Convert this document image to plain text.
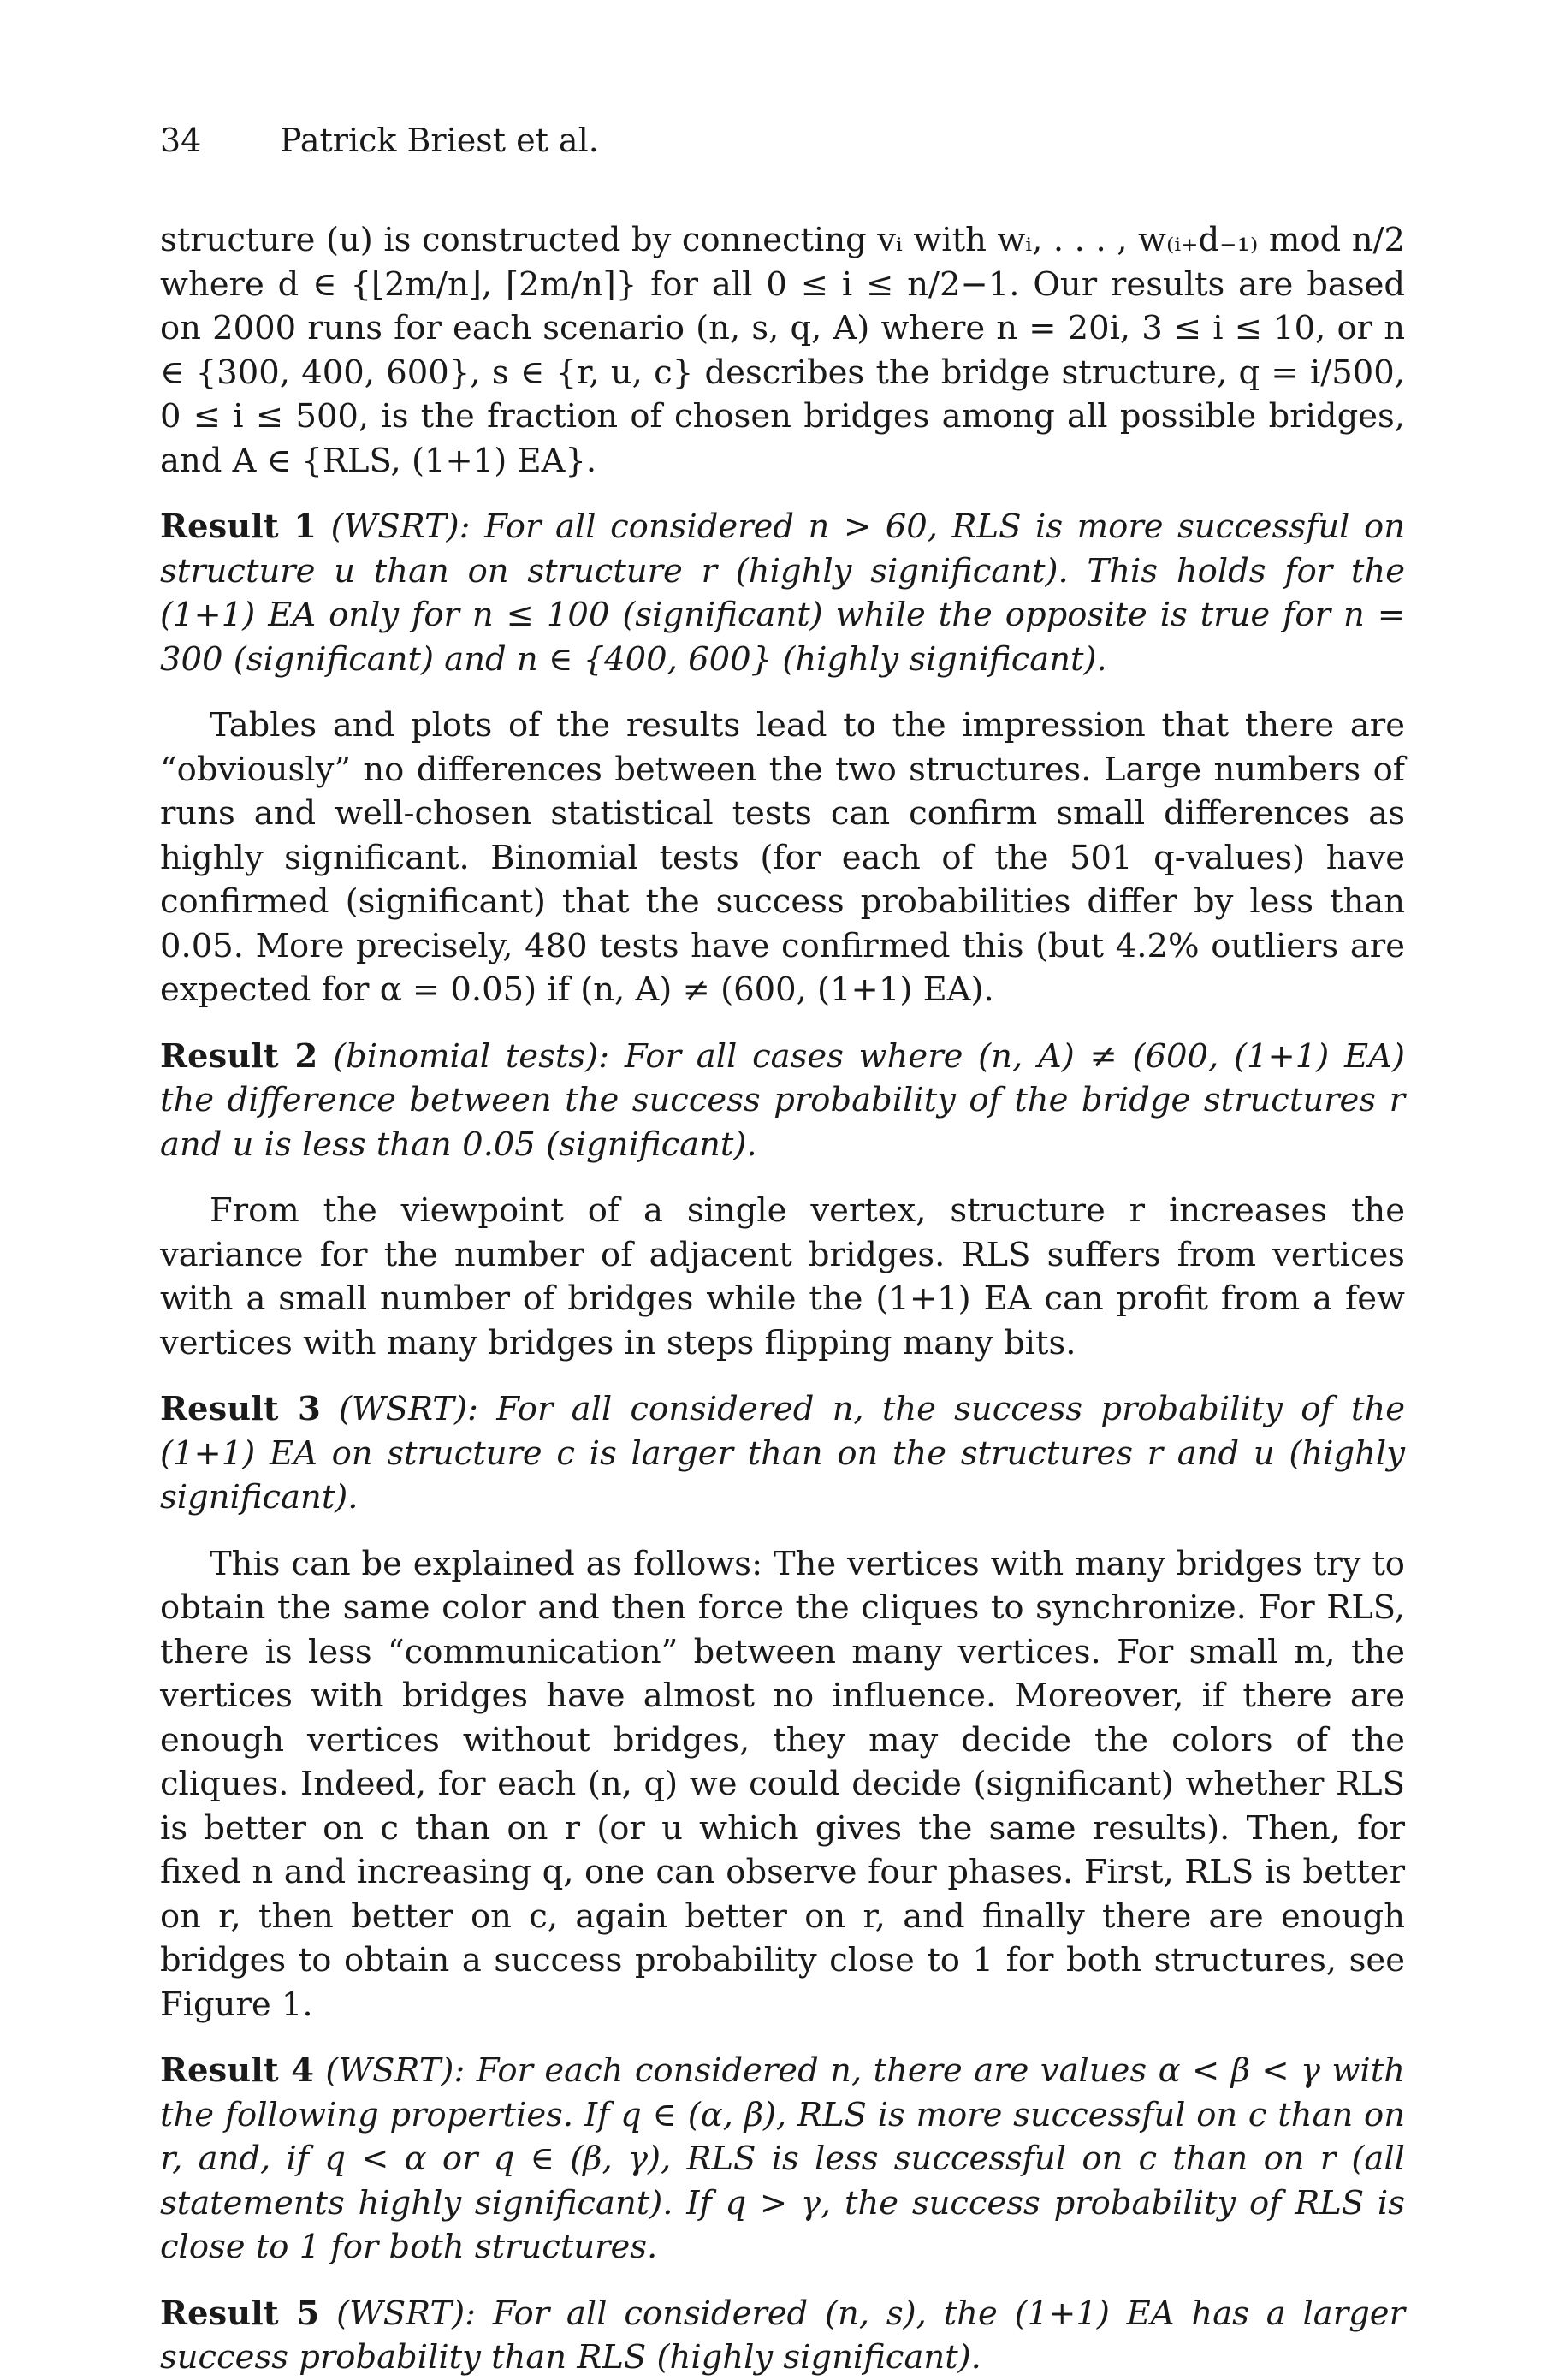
34 Patrick Briest et al.

structure (u) is constructed by connecting vᵢ with wᵢ, . . . , w₍ᵢ₊d₋₁₎ mod n/2 where d ∈ {⌊2m/n⌋, ⌈2m/n⌉} for all 0 ≤ i ≤ n/2−1. Our results are based on 2000 runs for each scenario (n, s, q, A) where n = 20i, 3 ≤ i ≤ 10, or n ∈ {300, 400, 600}, s ∈ {r, u, c} describes the bridge structure, q = i/500, 0 ≤ i ≤ 500, is the fraction of chosen bridges among all possible bridges, and A ∈ {RLS, (1+1) EA}.

Result 1 (WSRT): For all considered n > 60, RLS is more successful on structure u than on structure r (highly significant). This holds for the (1+1) EA only for n ≤ 100 (significant) while the opposite is true for n = 300 (significant) and n ∈ {400, 600} (highly significant).

Tables and plots of the results lead to the impression that there are “obviously” no differences between the two structures. Large numbers of runs and well-chosen statistical tests can confirm small differences as highly significant. Binomial tests (for each of the 501 q-values) have confirmed (significant) that the success probabilities differ by less than 0.05. More precisely, 480 tests have confirmed this (but 4.2% outliers are expected for α = 0.05) if (n, A) ≠ (600, (1+1) EA).

Result 2 (binomial tests): For all cases where (n, A) ≠ (600, (1+1) EA) the difference between the success probability of the bridge structures r and u is less than 0.05 (significant).

From the viewpoint of a single vertex, structure r increases the variance for the number of adjacent bridges. RLS suffers from vertices with a small number of bridges while the (1+1) EA can profit from a few vertices with many bridges in steps flipping many bits.

Result 3 (WSRT): For all considered n, the success probability of the (1+1) EA on structure c is larger than on the structures r and u (highly significant).

This can be explained as follows: The vertices with many bridges try to obtain the same color and then force the cliques to synchronize. For RLS, there is less “communication” between many vertices. For small m, the vertices with bridges have almost no influence. Moreover, if there are enough vertices without bridges, they may decide the colors of the cliques. Indeed, for each (n, q) we could decide (significant) whether RLS is better on c than on r (or u which gives the same results). Then, for fixed n and increasing q, one can observe four phases. First, RLS is better on r, then better on c, again better on r, and finally there are enough bridges to obtain a success probability close to 1 for both structures, see Figure 1.

Result 4 (WSRT): For each considered n, there are values α < β < γ with the following properties. If q ∈ (α, β), RLS is more successful on c than on r, and, if q < α or q ∈ (β, γ), RLS is less successful on c than on r (all statements highly significant). If q > γ, the success probability of RLS is close to 1 for both structures.

Result 5 (WSRT): For all considered (n, s), the (1+1) EA has a larger success probability than RLS (highly significant).
